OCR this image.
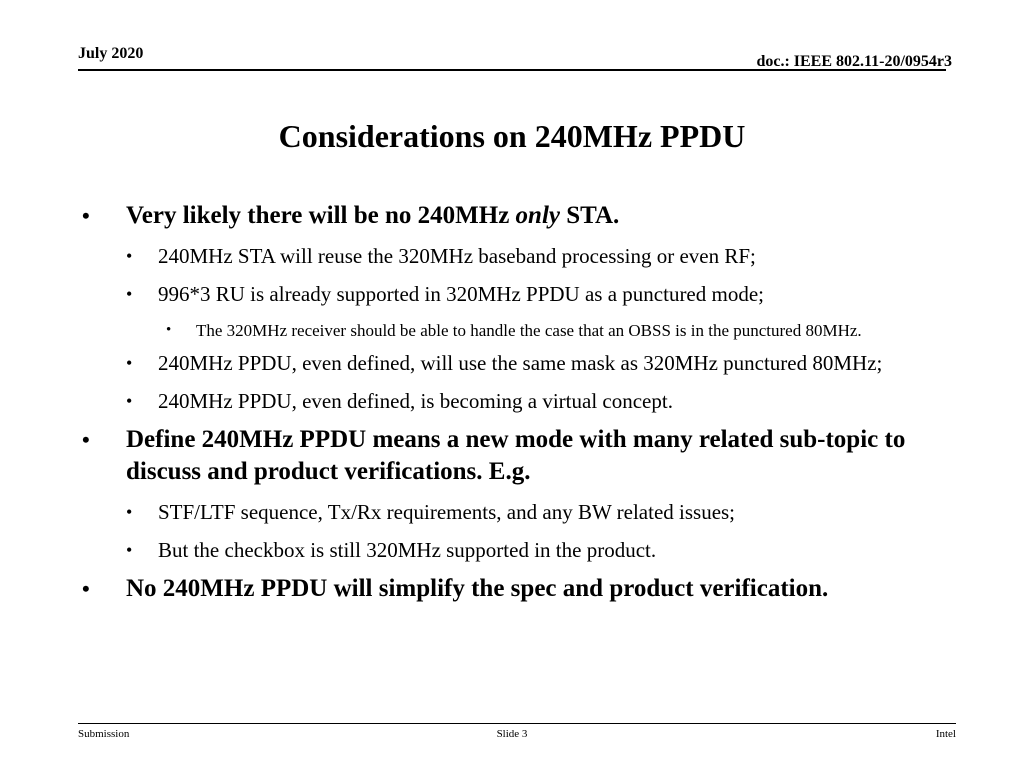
July 2020	doc.: IEEE 802.11-20/0954r3
Considerations on 240MHz PPDU
• Very likely there will be no 240MHz only STA.
• 240MHz STA will reuse the 320MHz baseband processing or even RF;
• 996*3 RU is already supported in 320MHz PPDU as a punctured mode;
• The 320MHz receiver should be able to handle the case that an OBSS is in the punctured 80MHz.
• 240MHz PPDU, even defined, will use the same mask as 320MHz punctured 80MHz;
• 240MHz PPDU, even defined, is becoming a virtual concept.
• Define 240MHz PPDU means a new mode with many related sub-topic to discuss and product verifications. E.g.
• STF/LTF sequence, Tx/Rx requirements, and any BW related issues;
• But the checkbox is still 320MHz supported in the product.
• No 240MHz PPDU will simplify the spec and product verification.
Submission	Slide 3	Intel
